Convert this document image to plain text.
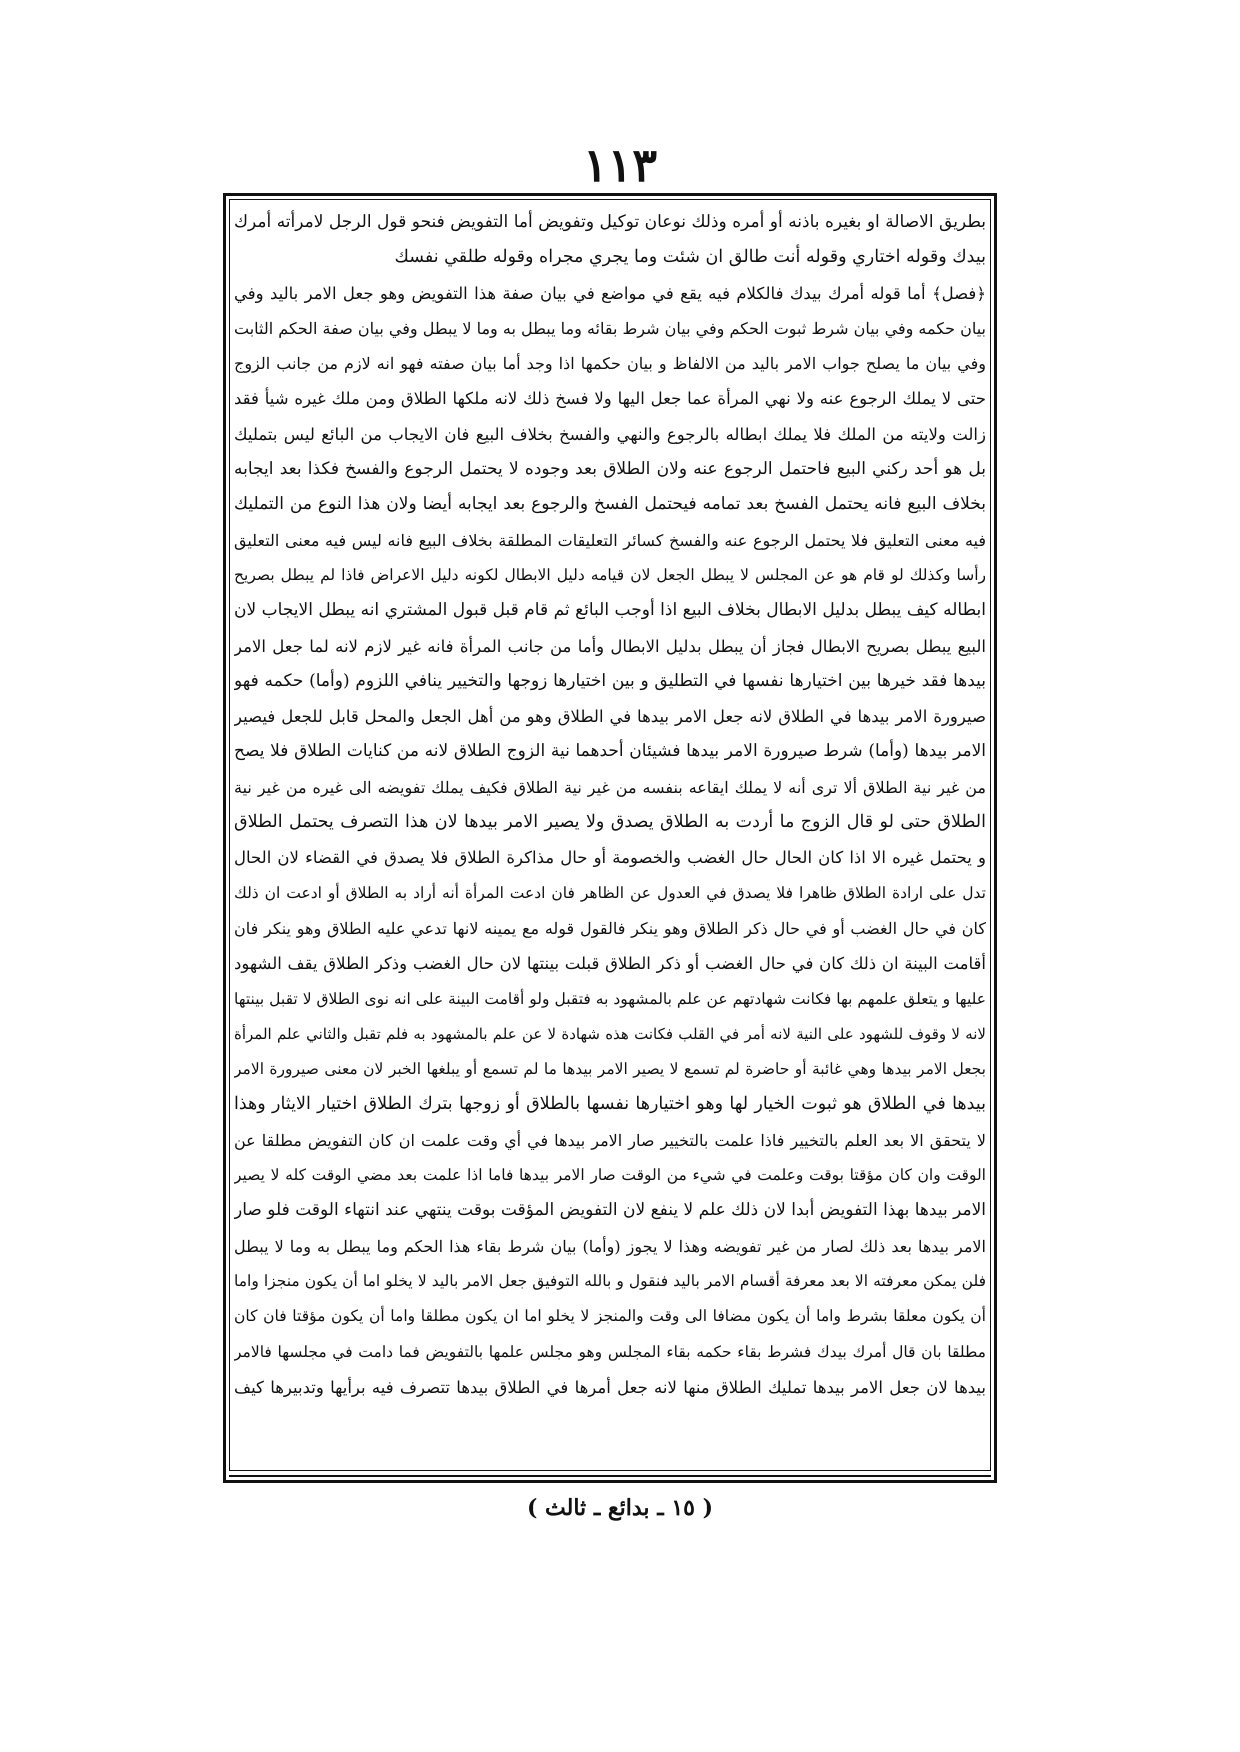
١١٣
بطريق الاصالة او بغيره باذنه أو أمره وذلك نوعان توكيل وتفويض أما التفويض فنحو قول الرجل لامرأته أمرك
بيدك وقوله اختاري وقوله أنت طالق ان شئت وما يجري مجراه وقوله طلقي نفسك
﴿فصل﴾ أما قوله أمرك بيدك فالكلام فيه يقع في مواضع في بيان صفة هذا التفويض وهو جعل الامر باليد وفي
بيان حكمه وفي بيان شرط ثبوت الحكم وفي بيان شرط بقائه وما يبطل به وما لا يبطل وفي بيان صفة الحكم الثابت
وفي بيان ما يصلح جواب الامر باليد من الالفاظ و بيان حكمها اذا وجد أما بيان صفته فهو انه لازم من جانب الزوج
حتى لا يملك الرجوع عنه ولا نهي المرأة عما جعل اليها ولا فسخ ذلك لانه ملكها الطلاق ومن ملك غيره شيأ فقد
زالت ولايته من الملك فلا يملك ابطاله بالرجوع والنهي والفسخ بخلاف البيع فان الايجاب من البائع ليس بتمليك
بل هو أحد ركني البيع فاحتمل الرجوع عنه ولان الطلاق بعد وجوده لا يحتمل الرجوع والفسخ فكذا بعد ايجابه
بخلاف البيع فانه يحتمل الفسخ بعد تمامه فيحتمل الفسخ والرجوع بعد ايجابه أيضا ولان هذا النوع من التمليك
فيه معنى التعليق فلا يحتمل الرجوع عنه والفسخ كسائر التعليقات المطلقة بخلاف البيع فانه ليس فيه معنى التعليق
رأسا وكذلك لو قام هو عن المجلس لا يبطل الجعل لان قيامه دليل الابطال لكونه دليل الاعراض فاذا لم يبطل بصريح
ابطاله كيف يبطل بدليل الابطال بخلاف البيع اذا أوجب البائع ثم قام قبل قبول المشتري انه يبطل الايجاب لان
البيع يبطل بصريح الابطال فجاز أن يبطل بدليل الابطال وأما من جانب المرأة فانه غير لازم لانه لما جعل الامر
بيدها فقد خيرها بين اختيارها نفسها في التطليق و بين اختيارها زوجها والتخيير ينافي اللزوم (وأما) حكمه فهو
صيرورة الامر بيدها في الطلاق لانه جعل الامر بيدها في الطلاق وهو من أهل الجعل والمحل قابل للجعل فيصير
الامر بيدها (وأما) شرط صيرورة الامر بيدها فشيئان أحدهما نية الزوج الطلاق لانه من كنايات الطلاق فلا يصح
من غير نية الطلاق ألا ترى أنه لا يملك ايقاعه بنفسه من غير نية الطلاق فكيف يملك تفويضه الى غيره من غير نية
الطلاق حتى لو قال الزوج ما أردت به الطلاق يصدق ولا يصير الامر بيدها لان هذا التصرف يحتمل الطلاق
و يحتمل غيره الا اذا كان الحال حال الغضب والخصومة أو حال مذاكرة الطلاق فلا يصدق في القضاء لان الحال
تدل على ارادة الطلاق ظاهرا فلا يصدق في العدول عن الظاهر فان ادعت المرأة أنه أراد به الطلاق أو ادعت ان ذلك
كان في حال الغضب أو في حال ذكر الطلاق وهو ينكر فالقول قوله مع يمينه لانها تدعي عليه الطلاق وهو ينكر فان
أقامت البينة ان ذلك كان في حال الغضب أو ذكر الطلاق قبلت بينتها لان حال الغضب وذكر الطلاق يقف الشهود
عليها و يتعلق علمهم بها فكانت شهادتهم عن علم بالمشهود به فتقبل ولو أقامت البينة على انه نوى الطلاق لا تقبل بينتها
لانه لا وقوف للشهود على النية لانه أمر في القلب فكانت هذه شهادة لا عن علم بالمشهود به فلم تقبل والثاني علم المرأة
بجعل الامر بيدها وهي غائبة أو حاضرة لم تسمع لا يصير الامر بيدها ما لم تسمع أو يبلغها الخبر لان معنى صيرورة الامر
بيدها في الطلاق هو ثبوت الخيار لها وهو اختيارها نفسها بالطلاق أو زوجها بترك الطلاق اختيار الايثار وهذا
لا يتحقق الا بعد العلم بالتخيير فاذا علمت بالتخيير صار الامر بيدها في أي وقت علمت ان كان التفويض مطلقا عن
الوقت وان كان مؤقتا بوقت وعلمت في شيء من الوقت صار الامر بيدها فاما اذا علمت بعد مضي الوقت كله لا يصير
الامر بيدها بهذا التفويض أبدا لان ذلك علم لا ينفع لان التفويض المؤقت بوقت ينتهي عند انتهاء الوقت فلو صار
الامر بيدها بعد ذلك لصار من غير تفويضه وهذا لا يجوز (وأما) بيان شرط بقاء هذا الحكم وما يبطل به وما لا يبطل
فلن يمكن معرفته الا بعد معرفة أقسام الامر باليد فنقول و بالله التوفيق جعل الامر باليد لا يخلو اما أن يكون منجزا واما
أن يكون معلقا بشرط واما أن يكون مضافا الى وقت والمنجز لا يخلو اما ان يكون مطلقا واما أن يكون مؤقتا فان كان
مطلقا بان قال أمرك بيدك فشرط بقاء حكمه بقاء المجلس وهو مجلس علمها بالتفويض فما دامت في مجلسها فالامر
بيدها لان جعل الامر بيدها تمليك الطلاق منها لانه جعل أمرها في الطلاق بيدها تتصرف فيه برأيها وتدبيرها كيف
( ١٥ ـ بدائع ـ ثالث )
